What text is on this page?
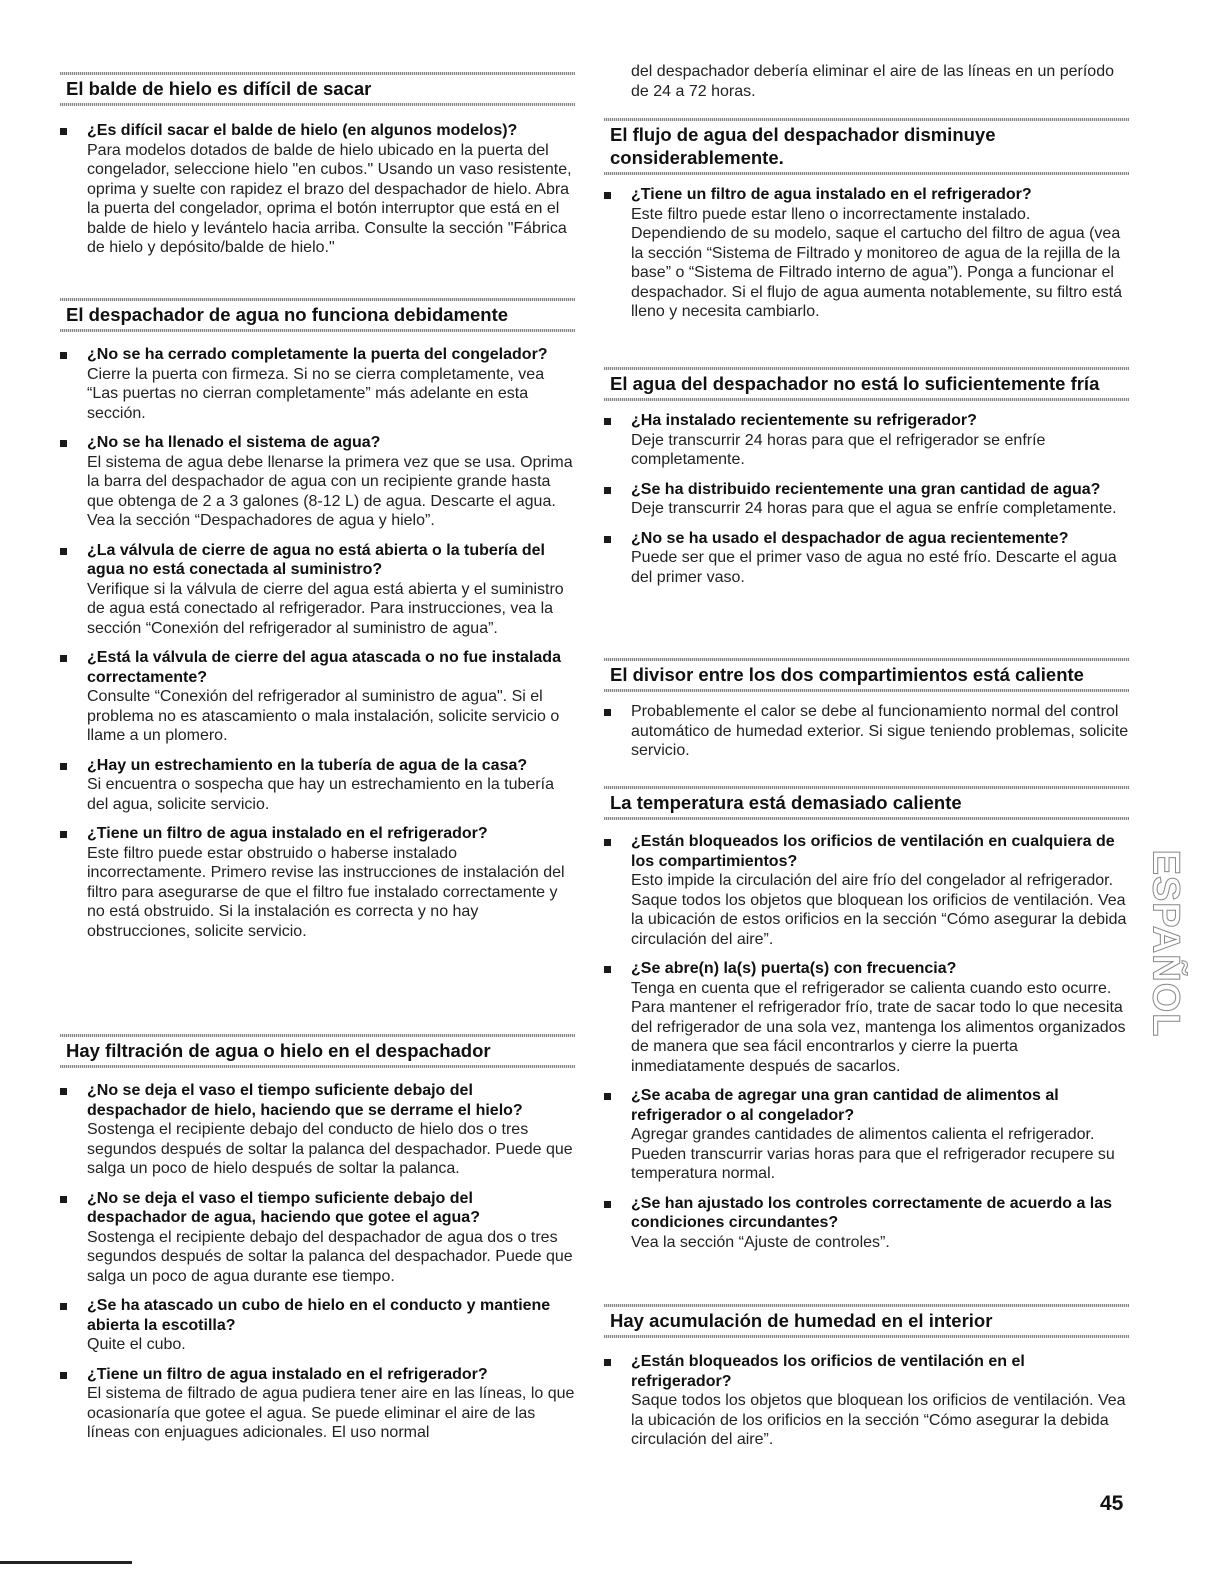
El balde de hielo es difícil de sacar
¿Es difícil sacar el balde de hielo (en algunos modelos)?
Para modelos dotados de balde de hielo ubicado en la puerta del congelador, seleccione hielo "en cubos." Usando un vaso resistente, oprima y suelte con rapidez el brazo del despachador de hielo. Abra la puerta del congelador, oprima el botón interruptor que está en el balde de hielo y levántelo hacia arriba. Consulte la sección "Fábrica de hielo y depósito/balde de hielo."
El despachador de agua no funciona debidamente
¿No se ha cerrado completamente la puerta del congelador?
Cierre la puerta con firmeza. Si no se cierra completamente, vea “Las puertas no cierran completamente” más adelante en esta sección.
¿No se ha llenado el sistema de agua?
El sistema de agua debe llenarse la primera vez que se usa. Oprima la barra del despachador de agua con un recipiente grande hasta que obtenga de 2 a 3 galones (8-12 L) de agua. Descarte el agua. Vea la sección “Despachadores de agua y hielo”.
¿La válvula de cierre de agua no está abierta o la tubería del agua no está conectada al suministro?
Verifique si la válvula de cierre del agua está abierta y el suministro de agua está conectado al refrigerador. Para instrucciones, vea la sección “Conexión del refrigerador al suministro de agua”.
¿Está la válvula de cierre del agua atascada o no fue instalada correctamente?
Consulte “Conexión del refrigerador al suministro de agua". Si el problema no es atascamiento o mala instalación, solicite servicio o llame a un plomero.
¿Hay un estrechamiento en la tubería de agua de la casa?
Si encuentra o sospecha que hay un estrechamiento en la tubería del agua, solicite servicio.
¿Tiene un filtro de agua instalado en el refrigerador?
Este filtro puede estar obstruido o haberse instalado incorrectamente. Primero revise las instrucciones de instalación del filtro para asegurarse de que el filtro fue instalado correctamente y no está obstruido. Si la instalación es correcta y no hay obstrucciones, solicite servicio.
Hay filtración de agua o hielo en el despachador
¿No se deja el vaso el tiempo suficiente debajo del despachador de hielo, haciendo que se derrame el hielo?
Sostenga el recipiente debajo del conducto de hielo dos o tres segundos después de soltar la palanca del despachador. Puede que salga un poco de hielo después de soltar la palanca.
¿No se deja el vaso el tiempo suficiente debajo del despachador de agua, haciendo que gotee el agua?
Sostenga el recipiente debajo del despachador de agua dos o tres segundos después de soltar la palanca del despachador. Puede que salga un poco de agua durante ese tiempo.
¿Se ha atascado un cubo de hielo en el conducto y mantiene abierta la escotilla?
Quite el cubo.
¿Tiene un filtro de agua instalado en el refrigerador?
El sistema de filtrado de agua pudiera tener aire en las líneas, lo que ocasionaría que gotee el agua. Se puede eliminar el aire de las líneas con enjuagues adicionales. El uso normal
del despachador debería eliminar el aire de las líneas en un período de 24 a 72 horas.
El flujo de agua del despachador disminuye considerablemente.
¿Tiene un filtro de agua instalado en el refrigerador?
Este filtro puede estar lleno o incorrectamente instalado. Dependiendo de su modelo, saque el cartucho del filtro de agua (vea la sección “Sistema de Filtrado y monitoreo de agua de la rejilla de la base” o “Sistema de Filtrado interno de agua”). Ponga a funcionar el despachador. Si el flujo de agua aumenta notablemente, su filtro está lleno y necesita cambiarlo.
El agua del despachador no está lo suficientemente fría
¿Ha instalado recientemente su refrigerador?
Deje transcurrir 24 horas para que el refrigerador se enfríe completamente.
¿Se ha distribuido recientemente una gran cantidad de agua?
Deje transcurrir 24 horas para que el agua se enfríe completamente.
¿No se ha usado el despachador de agua recientemente?
Puede ser que el primer vaso de agua no esté frío. Descarte el agua del primer vaso.
El divisor entre los dos compartimientos está caliente
Probablemente el calor se debe al funcionamiento normal del control automático de humedad exterior. Si sigue teniendo problemas, solicite servicio.
La temperatura está demasiado caliente
¿Están bloqueados los orificios de ventilación en cualquiera de los compartimientos?
Esto impide la circulación del aire frío del congelador al refrigerador. Saque todos los objetos que bloquean los orificios de ventilación. Vea la ubicación de estos orificios en la sección “Cómo asegurar la debida circulación del aire”.
¿Se abre(n) la(s) puerta(s) con frecuencia?
Tenga en cuenta que el refrigerador se calienta cuando esto ocurre. Para mantener el refrigerador frío, trate de sacar todo lo que necesita del refrigerador de una sola vez, mantenga los alimentos organizados de manera que sea fácil encontrarlos y cierre la puerta inmediatamente después de sacarlos.
¿Se acaba de agregar una gran cantidad de alimentos al refrigerador o al congelador?
Agregar grandes cantidades de alimentos calienta el refrigerador. Pueden transcurrir varias horas para que el refrigerador recupere su temperatura normal.
¿Se han ajustado los controles correctamente de acuerdo a las condiciones circundantes?
Vea la sección “Ajuste de controles”.
Hay acumulación de humedad en el interior
¿Están bloqueados los orificios de ventilación en el refrigerador?
Saque todos los objetos que bloquean los orificios de ventilación. Vea la ubicación de los orificios en la sección “Cómo asegurar la debida circulación del aire”.
ESPAÑOL
45
